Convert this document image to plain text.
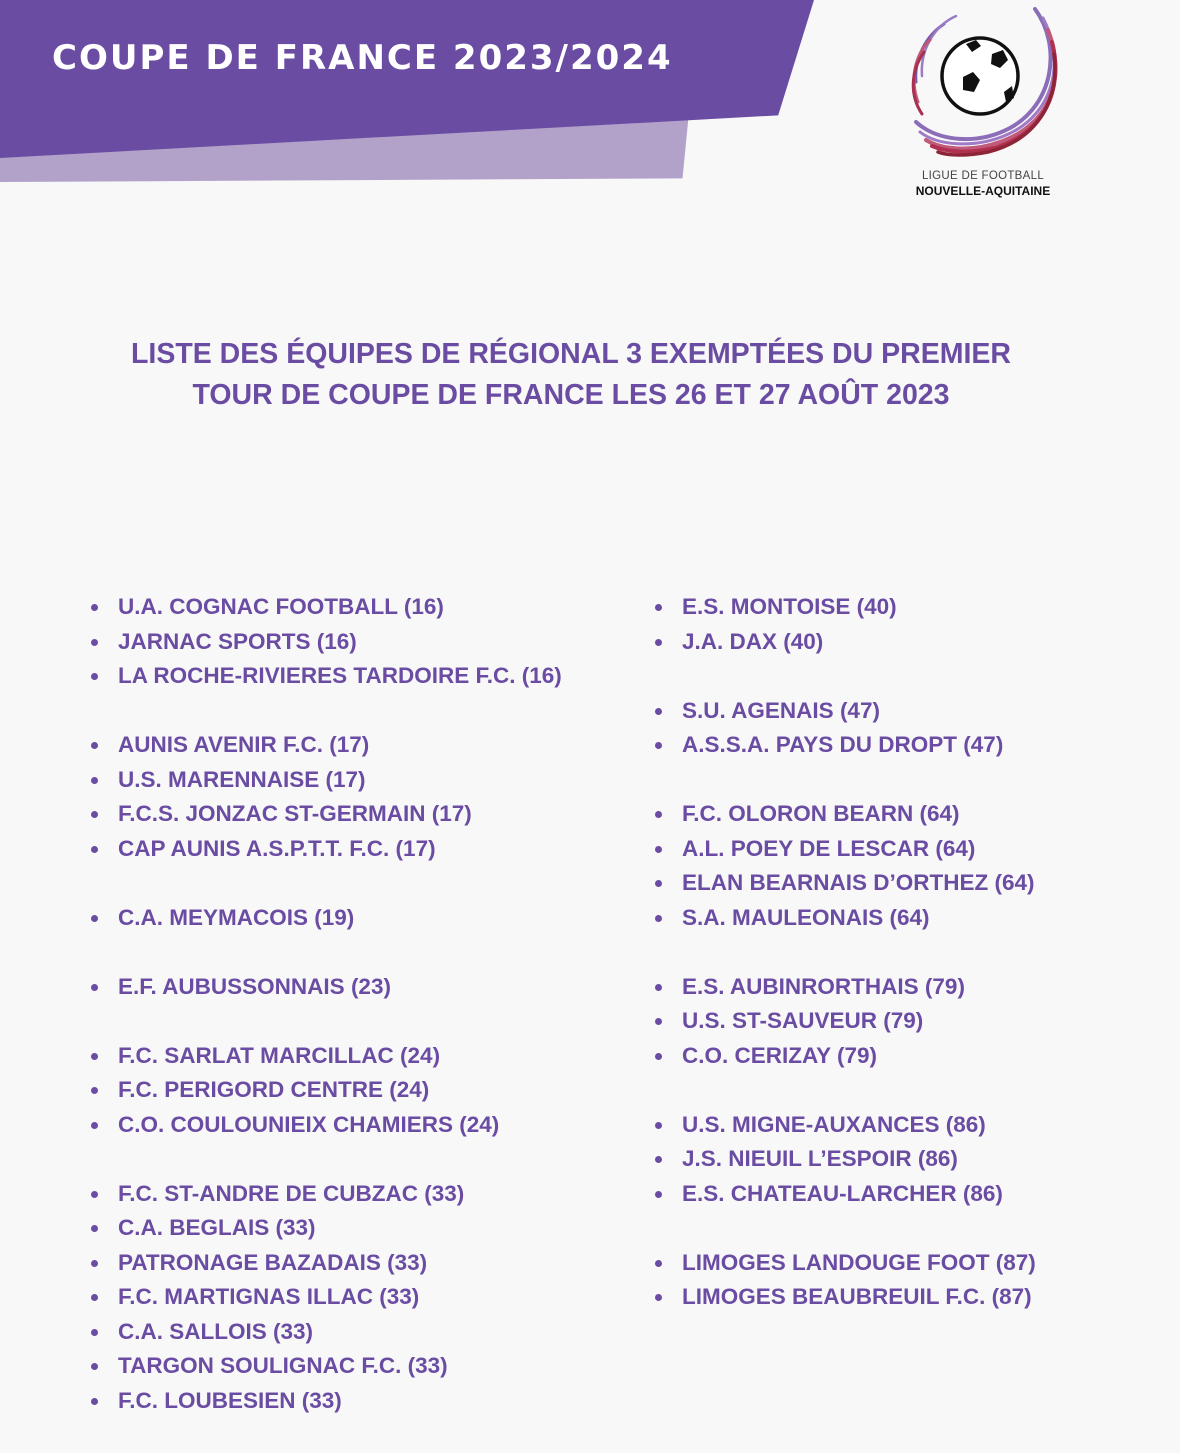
COUPE DE FRANCE 2023/2024
LIGUE DE FOOTBALL
NOUVELLE-AQUITAINE
LISTE DES ÉQUIPES DE RÉGIONAL 3 EXEMPTÉES DU PREMIER
TOUR DE COUPE DE FRANCE LES 26 ET 27 AOÛT 2023
U.A. COGNAC FOOTBALL (16)
JARNAC SPORTS (16)
LA ROCHE-RIVIERES TARDOIRE F.C. (16)
AUNIS AVENIR F.C. (17)
U.S. MARENNAISE (17)
F.C.S. JONZAC ST-GERMAIN (17)
CAP AUNIS A.S.P.T.T. F.C. (17)
C.A. MEYMACOIS (19)
E.F. AUBUSSONNAIS (23)
F.C. SARLAT MARCILLAC (24)
F.C. PERIGORD CENTRE (24)
C.O. COULOUNIEIX CHAMIERS (24)
F.C. ST-ANDRE DE CUBZAC (33)
C.A. BEGLAIS (33)
PATRONAGE BAZADAIS (33)
F.C. MARTIGNAS ILLAC (33)
C.A. SALLOIS (33)
TARGON SOULIGNAC F.C. (33)
F.C. LOUBESIEN (33)
E.S. MONTOISE (40)
J.A. DAX (40)
S.U. AGENAIS (47)
A.S.S.A. PAYS DU DROPT (47)
F.C. OLORON BEARN (64)
A.L. POEY DE LESCAR (64)
ELAN BEARNAIS D’ORTHEZ (64)
S.A. MAULEONAIS (64)
E.S. AUBINRORTHAIS (79)
U.S. ST-SAUVEUR (79)
C.O. CERIZAY (79)
U.S. MIGNE-AUXANCES (86)
J.S. NIEUIL L’ESPOIR (86)
E.S. CHATEAU-LARCHER (86)
LIMOGES LANDOUGE FOOT (87)
LIMOGES BEAUBREUIL F.C. (87)
